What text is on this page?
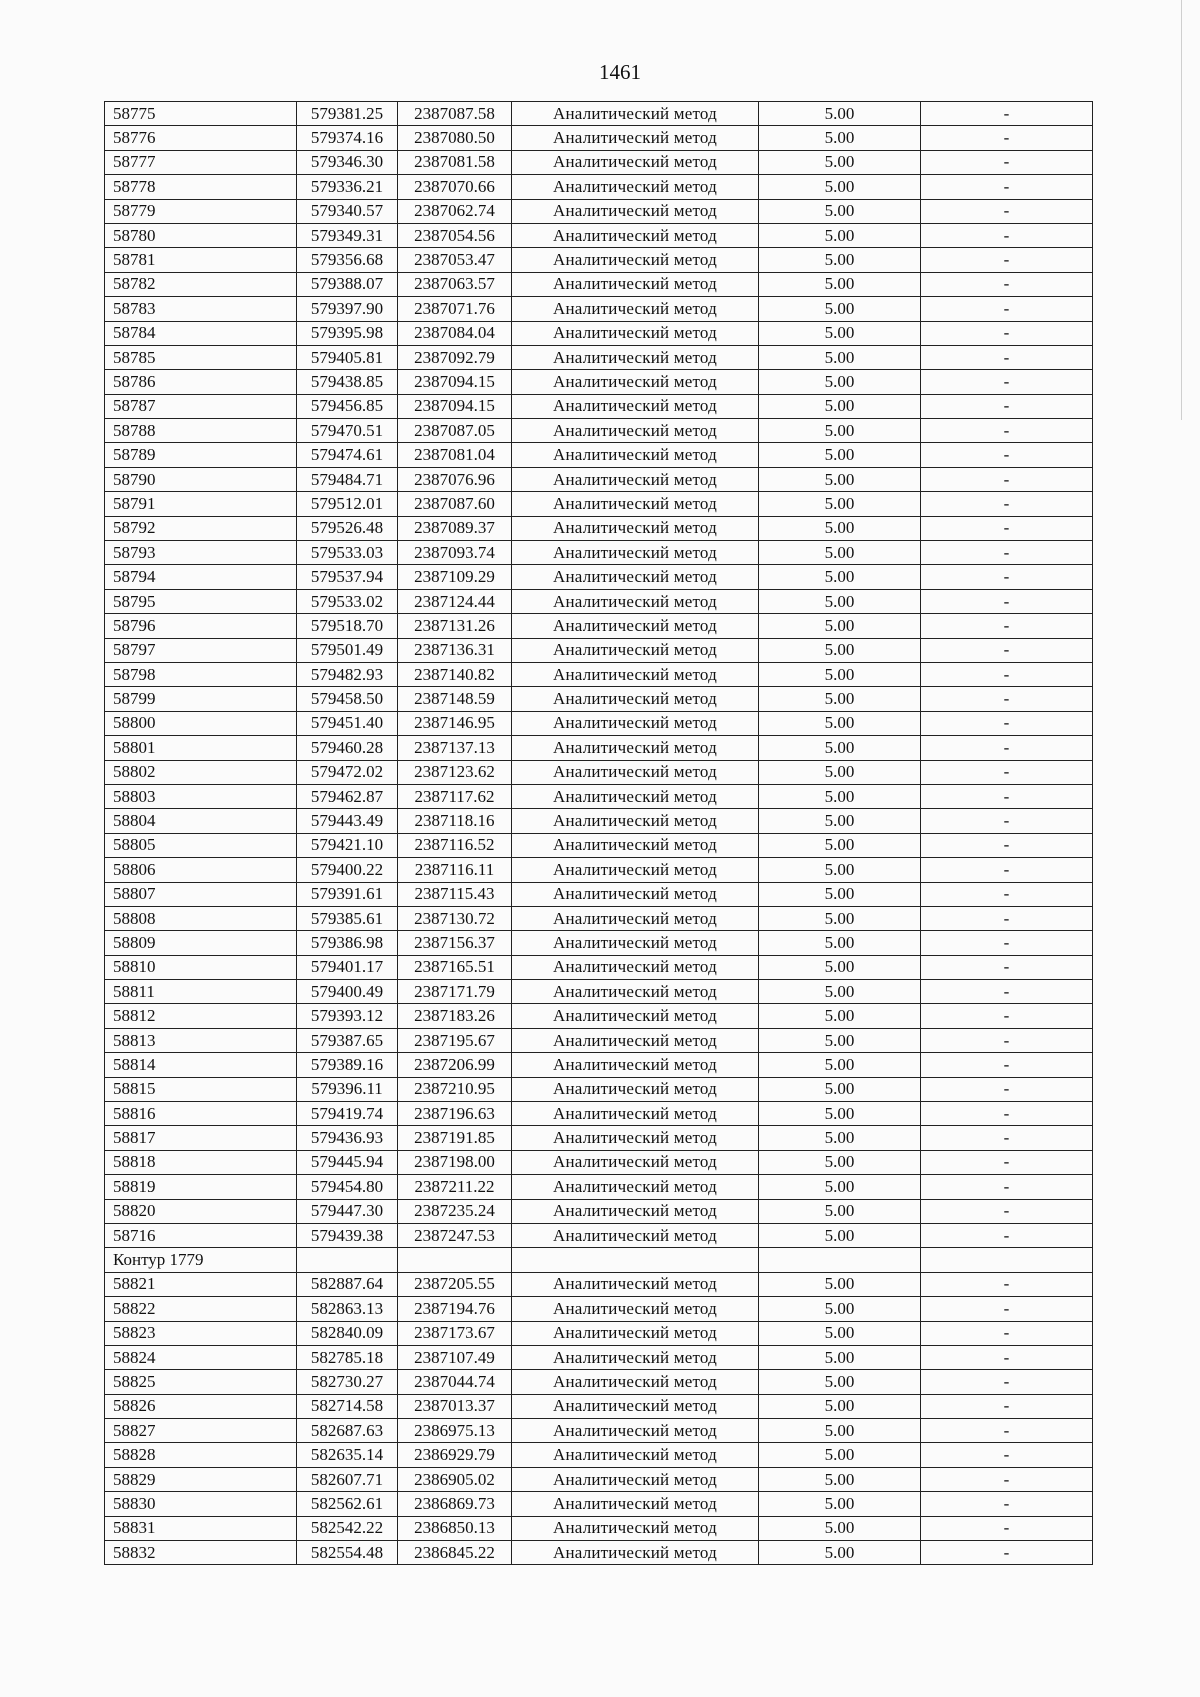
1461
58775	579381.25	2387087.58	Аналитический метод	5.00	-
58776	579374.16	2387080.50	Аналитический метод	5.00	-
58777	579346.30	2387081.58	Аналитический метод	5.00	-
58778	579336.21	2387070.66	Аналитический метод	5.00	-
58779	579340.57	2387062.74	Аналитический метод	5.00	-
58780	579349.31	2387054.56	Аналитический метод	5.00	-
58781	579356.68	2387053.47	Аналитический метод	5.00	-
58782	579388.07	2387063.57	Аналитический метод	5.00	-
58783	579397.90	2387071.76	Аналитический метод	5.00	-
58784	579395.98	2387084.04	Аналитический метод	5.00	-
58785	579405.81	2387092.79	Аналитический метод	5.00	-
58786	579438.85	2387094.15	Аналитический метод	5.00	-
58787	579456.85	2387094.15	Аналитический метод	5.00	-
58788	579470.51	2387087.05	Аналитический метод	5.00	-
58789	579474.61	2387081.04	Аналитический метод	5.00	-
58790	579484.71	2387076.96	Аналитический метод	5.00	-
58791	579512.01	2387087.60	Аналитический метод	5.00	-
58792	579526.48	2387089.37	Аналитический метод	5.00	-
58793	579533.03	2387093.74	Аналитический метод	5.00	-
58794	579537.94	2387109.29	Аналитический метод	5.00	-
58795	579533.02	2387124.44	Аналитический метод	5.00	-
58796	579518.70	2387131.26	Аналитический метод	5.00	-
58797	579501.49	2387136.31	Аналитический метод	5.00	-
58798	579482.93	2387140.82	Аналитический метод	5.00	-
58799	579458.50	2387148.59	Аналитический метод	5.00	-
58800	579451.40	2387146.95	Аналитический метод	5.00	-
58801	579460.28	2387137.13	Аналитический метод	5.00	-
58802	579472.02	2387123.62	Аналитический метод	5.00	-
58803	579462.87	2387117.62	Аналитический метод	5.00	-
58804	579443.49	2387118.16	Аналитический метод	5.00	-
58805	579421.10	2387116.52	Аналитический метод	5.00	-
58806	579400.22	2387116.11	Аналитический метод	5.00	-
58807	579391.61	2387115.43	Аналитический метод	5.00	-
58808	579385.61	2387130.72	Аналитический метод	5.00	-
58809	579386.98	2387156.37	Аналитический метод	5.00	-
58810	579401.17	2387165.51	Аналитический метод	5.00	-
58811	579400.49	2387171.79	Аналитический метод	5.00	-
58812	579393.12	2387183.26	Аналитический метод	5.00	-
58813	579387.65	2387195.67	Аналитический метод	5.00	-
58814	579389.16	2387206.99	Аналитический метод	5.00	-
58815	579396.11	2387210.95	Аналитический метод	5.00	-
58816	579419.74	2387196.63	Аналитический метод	5.00	-
58817	579436.93	2387191.85	Аналитический метод	5.00	-
58818	579445.94	2387198.00	Аналитический метод	5.00	-
58819	579454.80	2387211.22	Аналитический метод	5.00	-
58820	579447.30	2387235.24	Аналитический метод	5.00	-
58716	579439.38	2387247.53	Аналитический метод	5.00	-
Контур 1779					
58821	582887.64	2387205.55	Аналитический метод	5.00	-
58822	582863.13	2387194.76	Аналитический метод	5.00	-
58823	582840.09	2387173.67	Аналитический метод	5.00	-
58824	582785.18	2387107.49	Аналитический метод	5.00	-
58825	582730.27	2387044.74	Аналитический метод	5.00	-
58826	582714.58	2387013.37	Аналитический метод	5.00	-
58827	582687.63	2386975.13	Аналитический метод	5.00	-
58828	582635.14	2386929.79	Аналитический метод	5.00	-
58829	582607.71	2386905.02	Аналитический метод	5.00	-
58830	582562.61	2386869.73	Аналитический метод	5.00	-
58831	582542.22	2386850.13	Аналитический метод	5.00	-
58832	582554.48	2386845.22	Аналитический метод	5.00	-
